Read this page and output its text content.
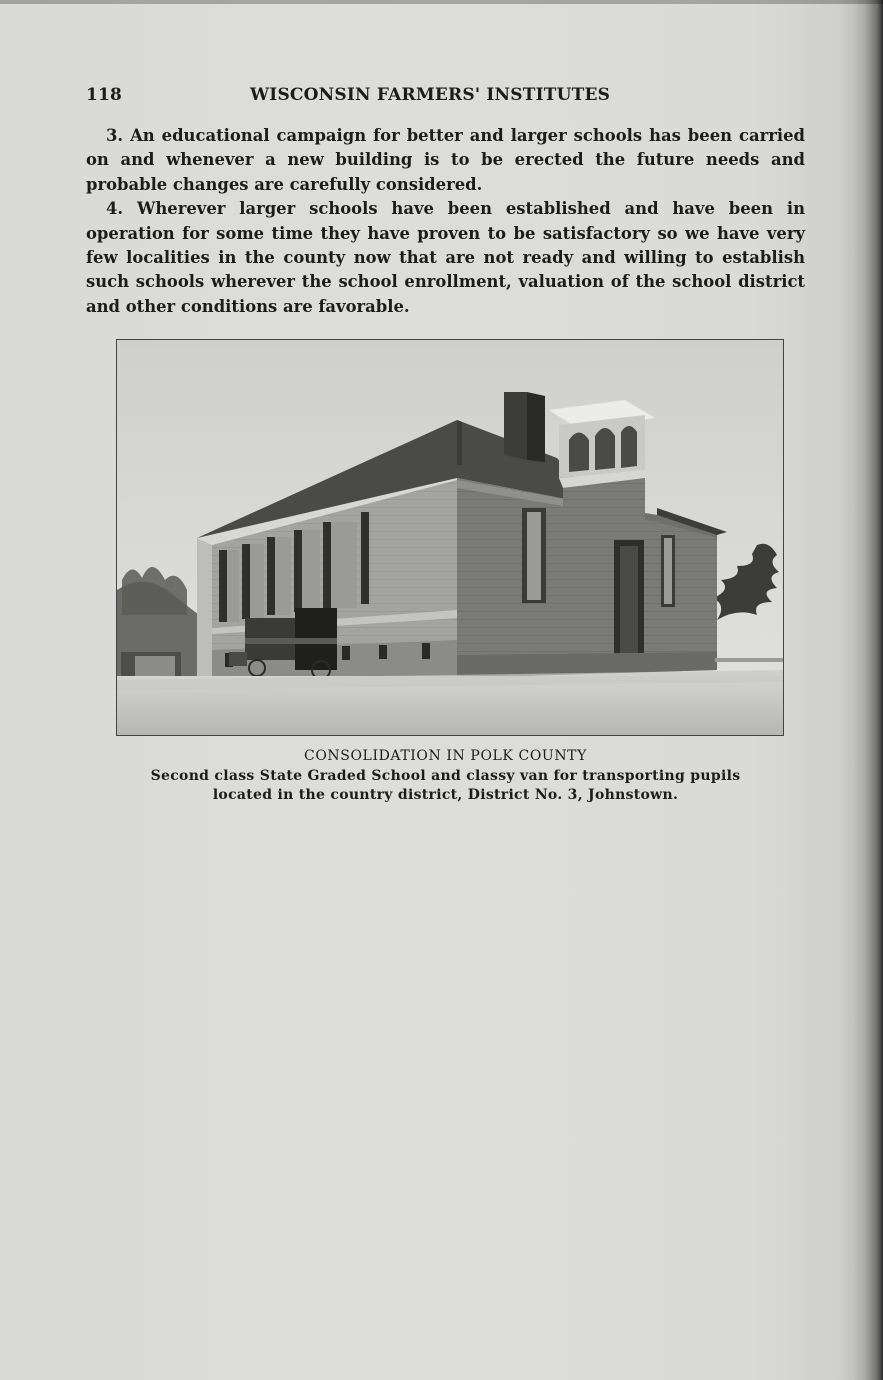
118	WISCONSIN FARMERS' INSTITUTES

3. An educational campaign for better and larger schools has been carried on and whenever a new building is to be erected the future needs and probable changes are carefully considered.

4. Wherever larger schools have been established and have been in operation for some time they have proven to be satisfactory so we have very few localities in the county now that are not ready and willing to establish such schools wherever the school enrollment, valuation of the school district and other conditions are favorable.

CONSOLIDATION IN POLK COUNTY
Second class State Graded School and classy van for transporting pupils
located in the country district, District No. 3, Johnstown.
